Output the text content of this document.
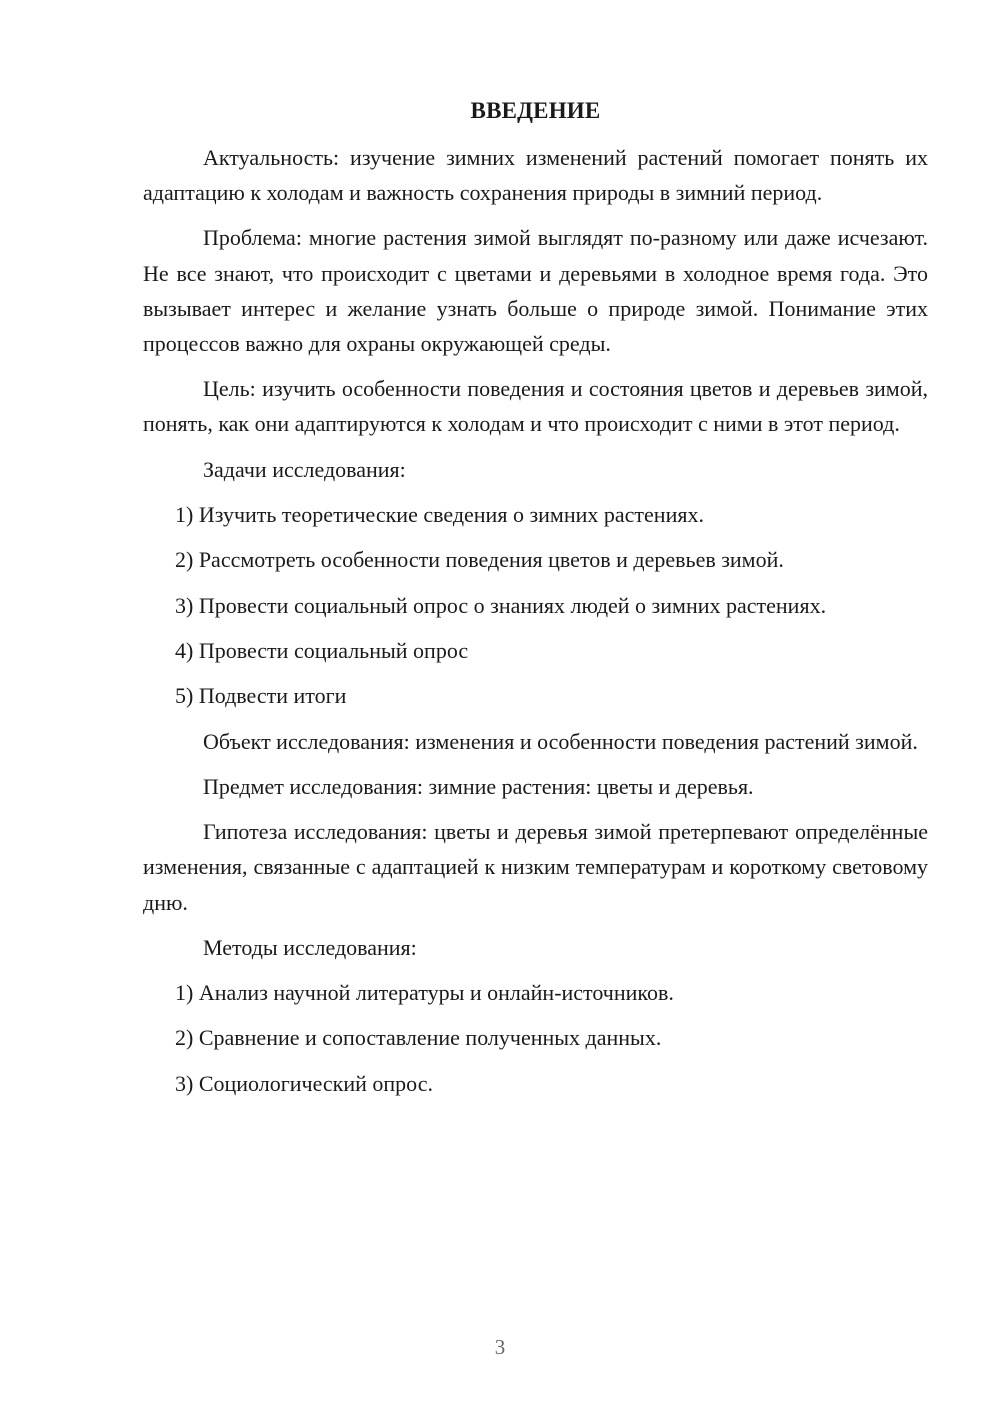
ВВЕДЕНИЕ

Актуальность: изучение зимних изменений растений помогает понять их адаптацию к холодам и важность сохранения природы в зимний период.

Проблема: многие растения зимой выглядят по-разному или даже исчезают. Не все знают, что происходит с цветами и деревьями в холодное время года. Это вызывает интерес и желание узнать больше о природе зимой. Понимание этих процессов важно для охраны окружающей среды.

Цель: изучить особенности поведения и состояния цветов и деревьев зимой, понять, как они адаптируются к холодам и что происходит с ними в этот период.

Задачи исследования:

1) Изучить теоретические сведения о зимних растениях.
2) Рассмотреть особенности поведения цветов и деревьев зимой.
3) Провести социальный опрос о знаниях людей о зимних растениях.
4) Провести социальный опрос
5) Подвести итоги

Объект исследования: изменения и особенности поведения растений зимой.

Предмет исследования: зимние растения: цветы и деревья.

Гипотеза исследования: цветы и деревья зимой претерпевают определённые изменения, связанные с адаптацией к низким температурам и короткому световому дню.

Методы исследования:

1) Анализ научной литературы и онлайн-источников.
2) Сравнение и сопоставление полученных данных.
3) Социологический опрос.
3
